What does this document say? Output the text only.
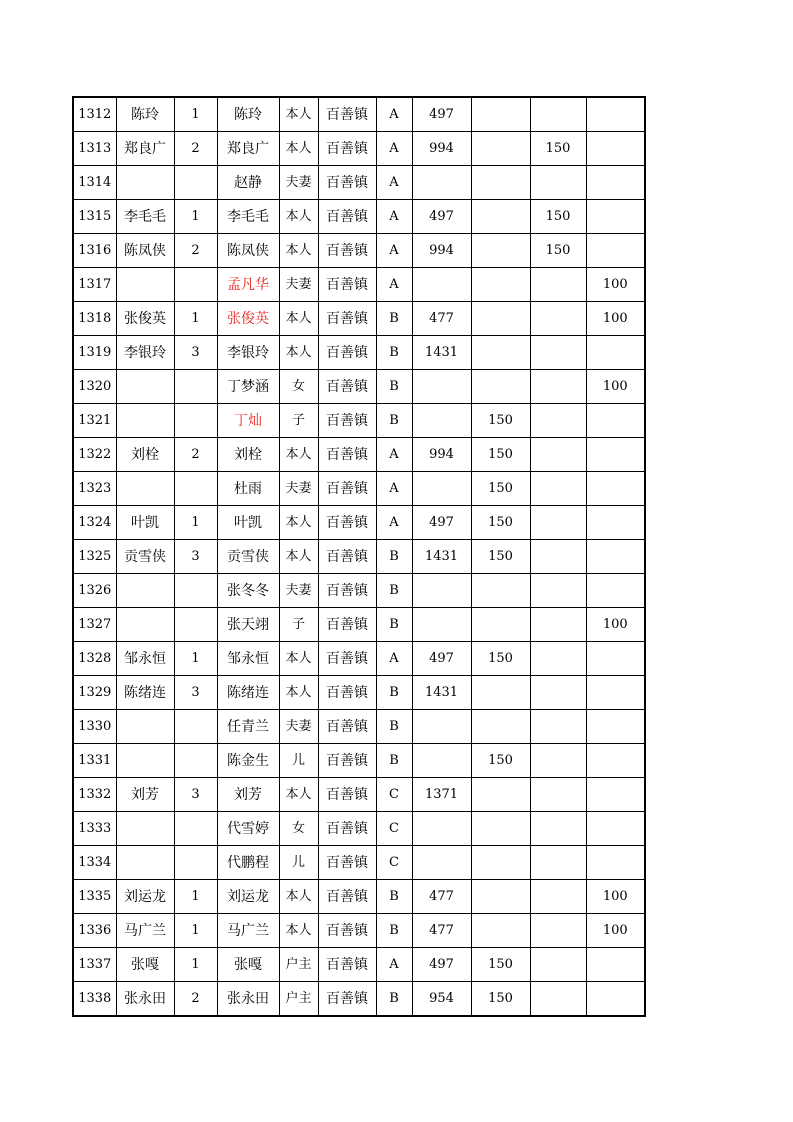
1312	陈玲	1	陈玲	本人	百善镇	A	497			
1313	郑良广	2	郑良广	本人	百善镇	A	994		150	
1314			赵静	夫妻	百善镇	A				
1315	李毛毛	1	李毛毛	本人	百善镇	A	497		150	
1316	陈凤侠	2	陈凤侠	本人	百善镇	A	994		150	
1317			孟凡华	夫妻	百善镇	A				100
1318	张俊英	1	张俊英	本人	百善镇	B	477			100
1319	李银玲	3	李银玲	本人	百善镇	B	1431			
1320			丁梦涵	女	百善镇	B				100
1321			丁灿	子	百善镇	B		150		
1322	刘栓	2	刘栓	本人	百善镇	A	994	150		
1323			杜雨	夫妻	百善镇	A		150		
1324	叶凯	1	叶凯	本人	百善镇	A	497	150		
1325	贡雪侠	3	贡雪侠	本人	百善镇	B	1431	150		
1326			张冬冬	夫妻	百善镇	B				
1327			张天翊	子	百善镇	B				100
1328	邹永恒	1	邹永恒	本人	百善镇	A	497	150		
1329	陈绪连	3	陈绪连	本人	百善镇	B	1431			
1330			任青兰	夫妻	百善镇	B				
1331			陈金生	儿	百善镇	B		150		
1332	刘芳	3	刘芳	本人	百善镇	C	1371			
1333			代雪婷	女	百善镇	C				
1334			代鹏程	儿	百善镇	C				
1335	刘运龙	1	刘运龙	本人	百善镇	B	477			100
1336	马广兰	1	马广兰	本人	百善镇	B	477			100
1337	张嘎	1	张嘎	户主	百善镇	A	497	150		
1338	张永田	2	张永田	户主	百善镇	B	954	150		
